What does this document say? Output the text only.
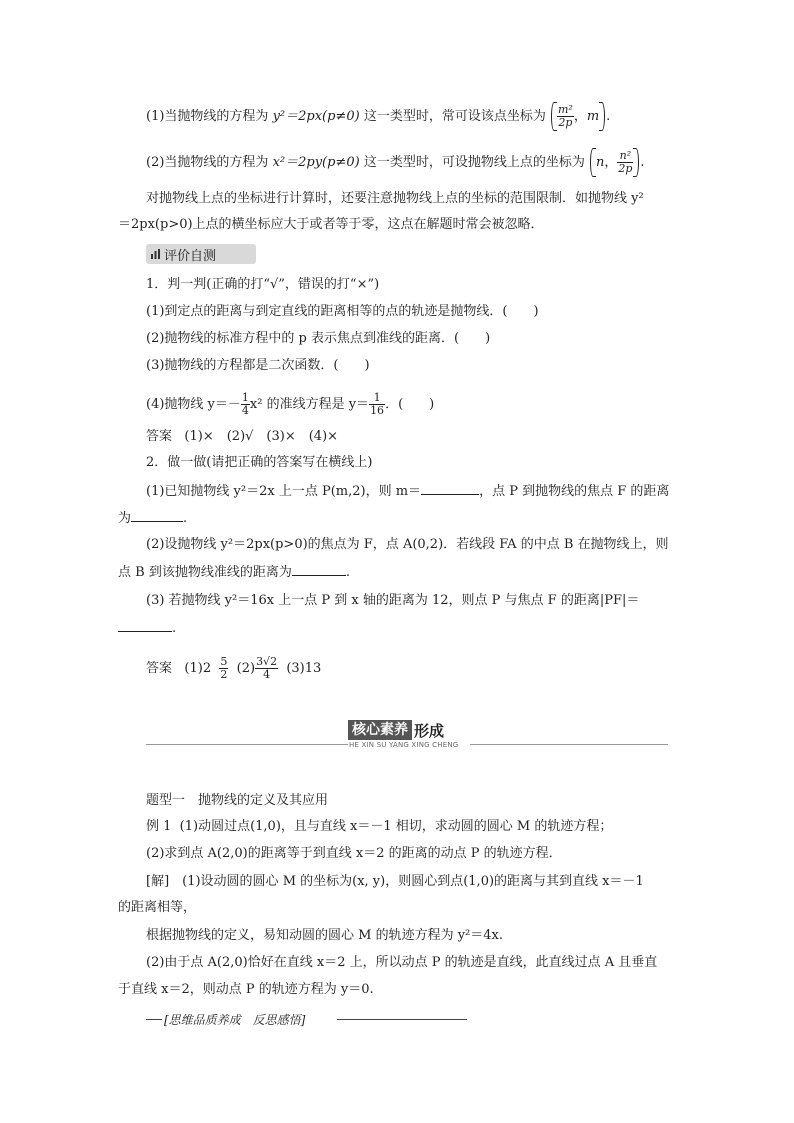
(1)当抛物线的方程为 y²＝2px(p≠0) 这一类型时，常可设该点坐标为 $\frac{\text{m²}}{2p}$ ，m .
(2)当抛物线的方程为 x²＝2py(p≠0) 这一类型时，可设抛物线上点的坐标为 n， $\frac{\text{n²}}{2p}$ .
对抛物线上点的坐标进行计算时，还要注意抛物线上点的坐标的范围限制．如抛物线 y²
＝2px(p>0)上点的横坐标应大于或者等于零，这点在解题时常会被忽略．
评价自测
1．判一判(正确的打“√”，错误的打“×”)
(1)到定点的距离与到定直线的距离相等的点的轨迹是抛物线．(　　)
(2)抛物线的标准方程中的 p 表示焦点到准线的距离．(　　)
(3)抛物线的方程都是二次函数．(　　)
(4)抛物线 $y=- \frac{1}{4} x^2$ 的准线方程是 $y= \frac{1}{16}$ ．(　　)
答案 (1)×　(2)√　(3)×　(4)×
2．做一做(请把正确的答案写在横线上)
(1)已知抛物线 y²＝2x 上一点 P(m,2)，则 m＝	，点 P 到抛物线的焦点 F 的距离
为	.
(2)设抛物线 y²＝2px(p>0)的焦点为 F，点 A(0,2)．若线段 FA 的中点 B 在抛物线上，则
点 B 到该抛物线准线的距离为	.
(3) 若抛物线 y²＝16x 上一点 P 到 x 轴的距离为 12，则点 P 与焦点 F 的距离|PF|＝
.
答案 $(1)2 \frac{5}{2} (2) \frac{3√2}{4} (3)13$
核心素养 形成
HE XIN SU YANG XING CHENG
题型一　抛物线的定义及其应用
例 1 (1)动圆过点(1,0)，且与直线 x＝－1 相切，求动圆的圆心 M 的轨迹方程；
(2)求到点 A(2,0)的距离等于到直线 x＝2 的距离的动点 P 的轨迹方程．
[解]　(1)设动圆的圆心 M 的坐标为(x, y)，则圆心到点(1,0)的距离与其到直线 x＝－1
的距离相等，
根据抛物线的定义，易知动圆的圆心 M 的轨迹方程为 y²＝4x.
(2)由于点 A(2,0)恰好在直线 x＝2 上，所以动点 P 的轨迹是直线，此直线过点 A 且垂直
于直线 x＝2，则动点 P 的轨迹方程为 y＝0.
[思维品质养成　反思感悟]
